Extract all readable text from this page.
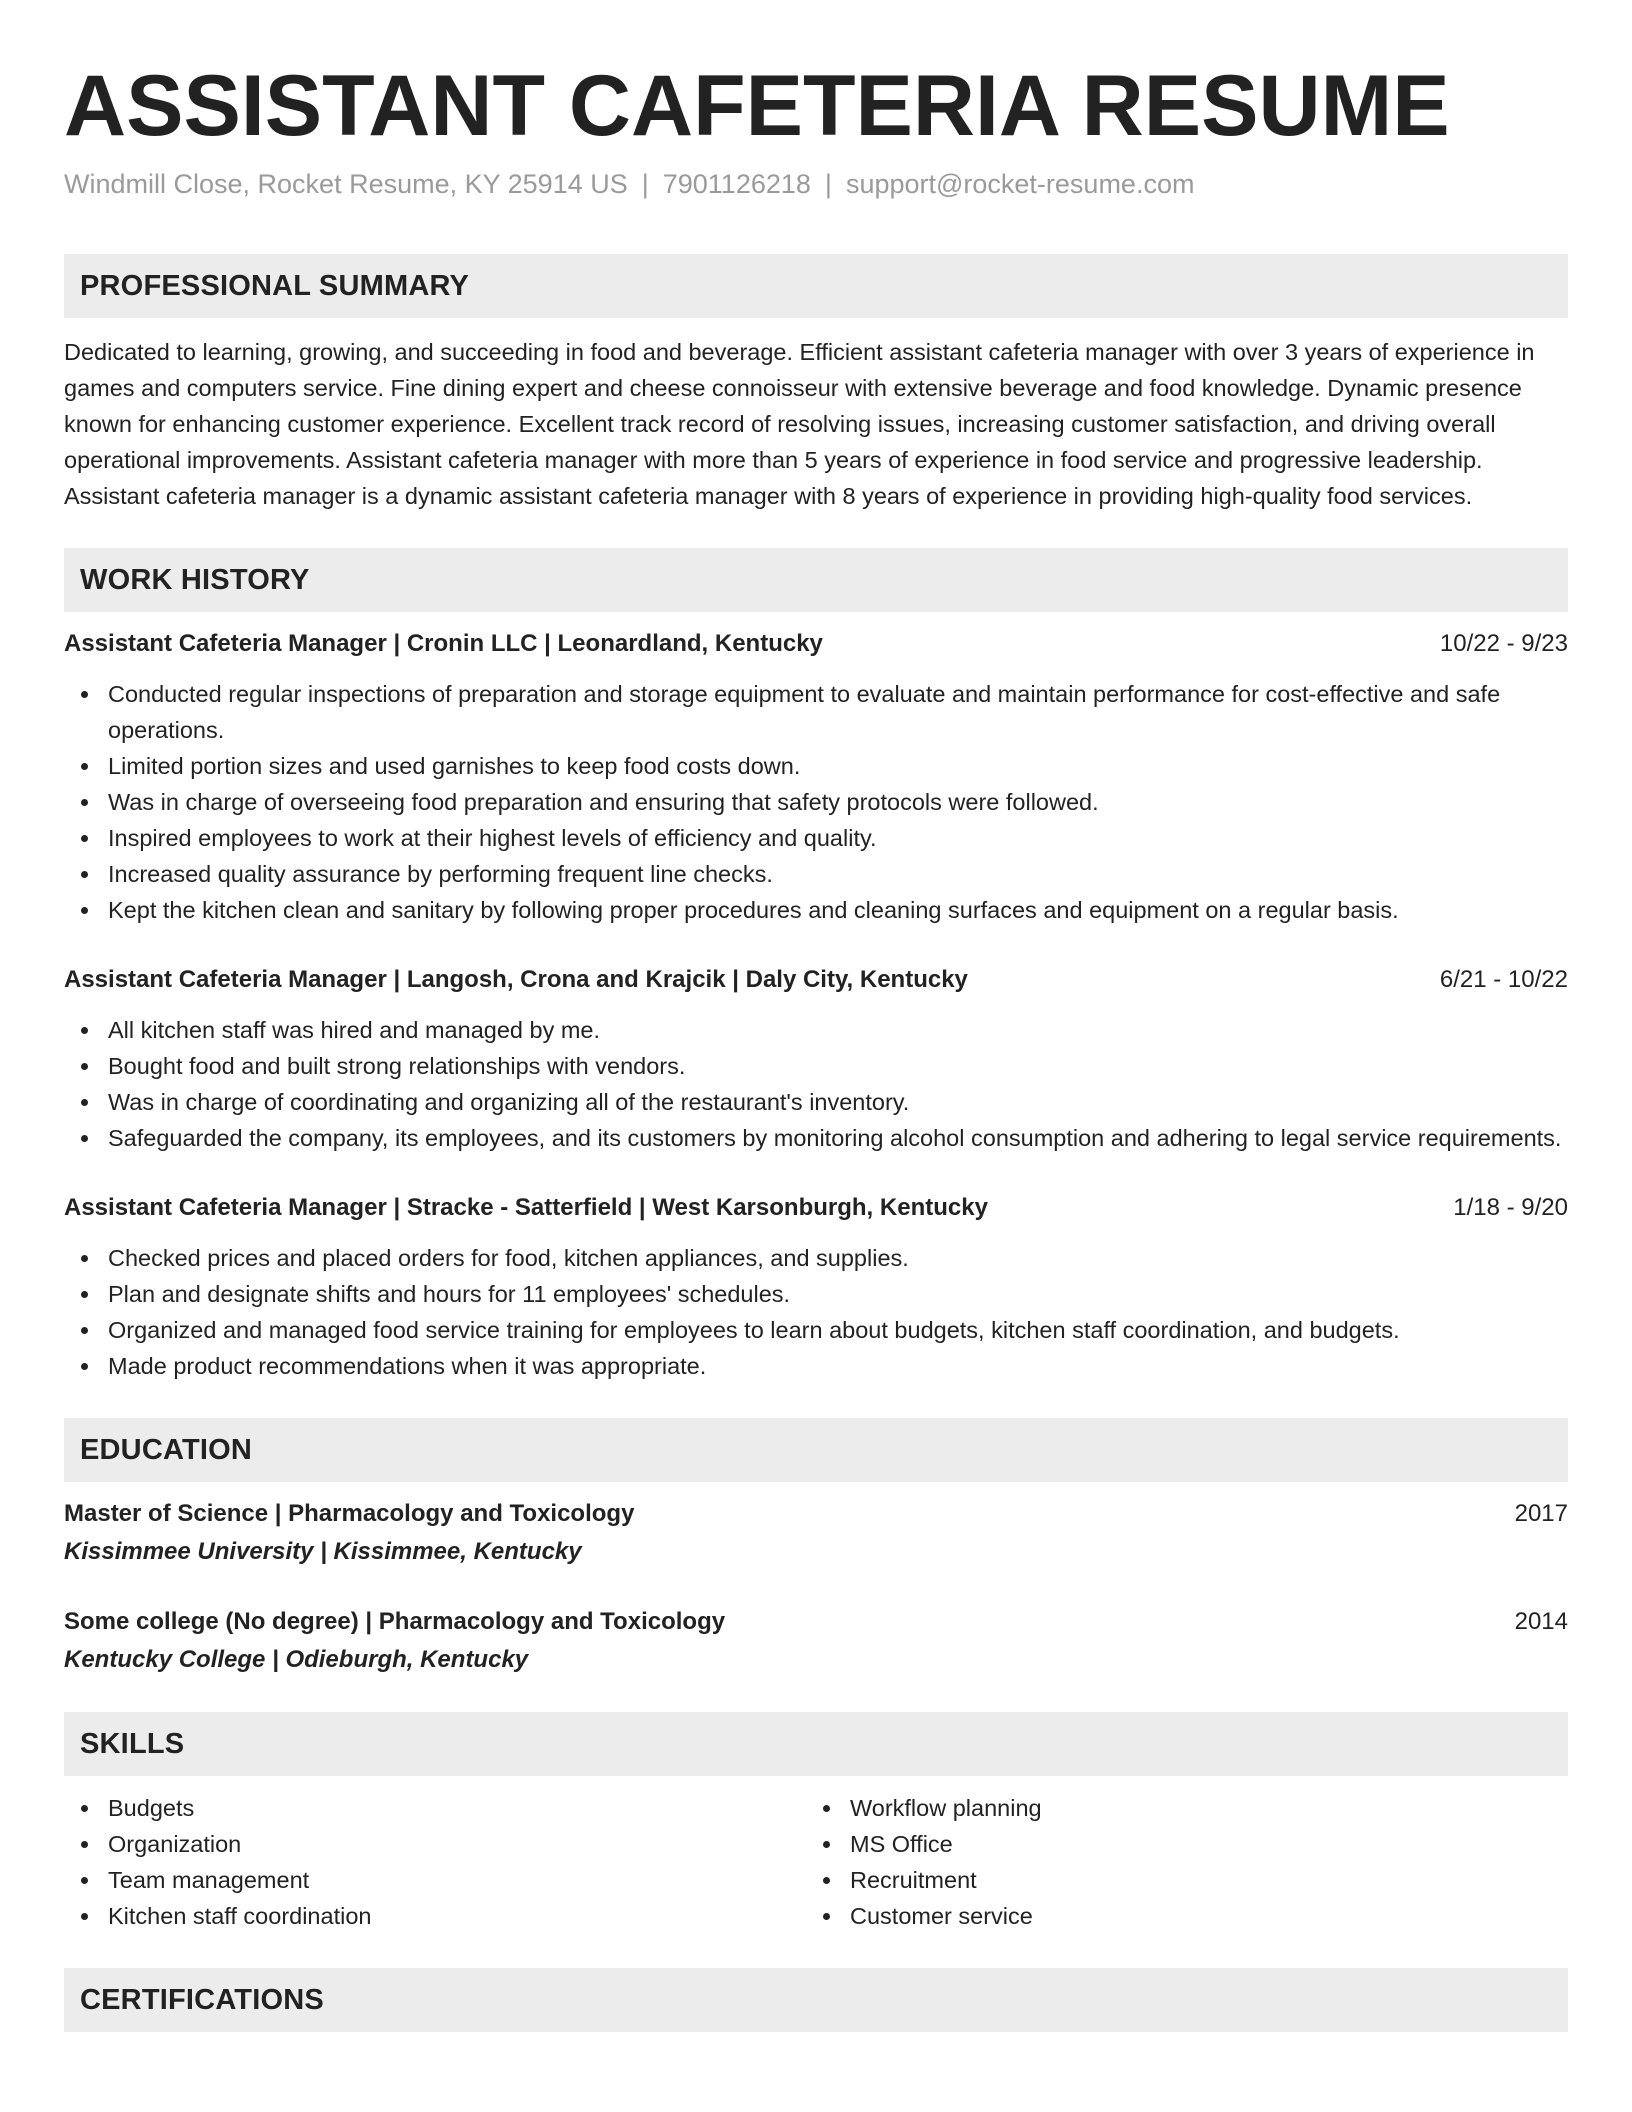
ASSISTANT CAFETERIA RESUME
Windmill Close, Rocket Resume, KY 25914 US | 7901126218 | support@rocket-resume.com
PROFESSIONAL SUMMARY
Dedicated to learning, growing, and succeeding in food and beverage. Efficient assistant cafeteria manager with over 3 years of experience in games and computers service. Fine dining expert and cheese connoisseur with extensive beverage and food knowledge. Dynamic presence known for enhancing customer experience. Excellent track record of resolving issues, increasing customer satisfaction, and driving overall operational improvements. Assistant cafeteria manager with more than 5 years of experience in food service and progressive leadership. Assistant cafeteria manager is a dynamic assistant cafeteria manager with 8 years of experience in providing high-quality food services.
WORK HISTORY
Assistant Cafeteria Manager | Cronin LLC | Leonardland, Kentucky	10/22 - 9/23
Conducted regular inspections of preparation and storage equipment to evaluate and maintain performance for cost-effective and safe operations.
Limited portion sizes and used garnishes to keep food costs down.
Was in charge of overseeing food preparation and ensuring that safety protocols were followed.
Inspired employees to work at their highest levels of efficiency and quality.
Increased quality assurance by performing frequent line checks.
Kept the kitchen clean and sanitary by following proper procedures and cleaning surfaces and equipment on a regular basis.
Assistant Cafeteria Manager | Langosh, Crona and Krajcik | Daly City, Kentucky	6/21 - 10/22
All kitchen staff was hired and managed by me.
Bought food and built strong relationships with vendors.
Was in charge of coordinating and organizing all of the restaurant's inventory.
Safeguarded the company, its employees, and its customers by monitoring alcohol consumption and adhering to legal service requirements.
Assistant Cafeteria Manager | Stracke - Satterfield | West Karsonburgh, Kentucky	1/18 - 9/20
Checked prices and placed orders for food, kitchen appliances, and supplies.
Plan and designate shifts and hours for 11 employees' schedules.
Organized and managed food service training for employees to learn about budgets, kitchen staff coordination, and budgets.
Made product recommendations when it was appropriate.
EDUCATION
Master of Science | Pharmacology and Toxicology	2017
Kissimmee University | Kissimmee, Kentucky
Some college (No degree) | Pharmacology and Toxicology	2014
Kentucky College | Odieburgh, Kentucky
SKILLS
Budgets
Organization
Team management
Kitchen staff coordination
Workflow planning
MS Office
Recruitment
Customer service
CERTIFICATIONS
